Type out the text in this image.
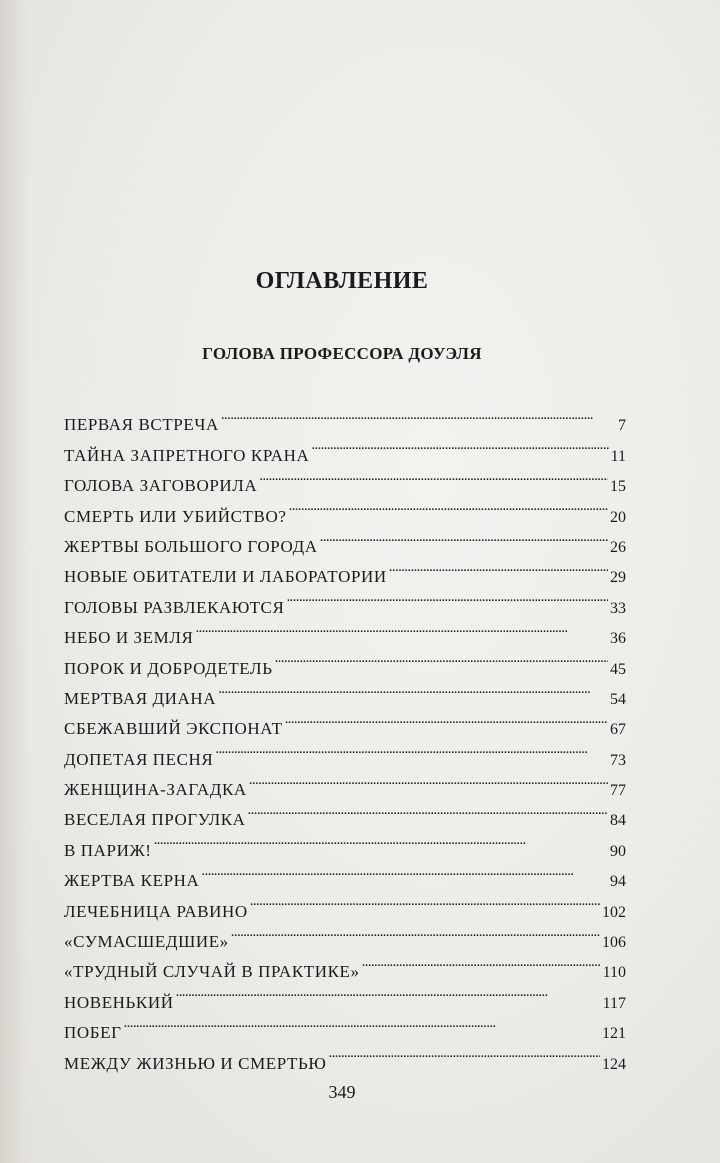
ОГЛАВЛЕНИЕ
ГОЛОВА ПРОФЕССОРА ДОУЭЛЯ
ПЕРВАЯ ВСТРЕЧА . . .	7
ТАЙНА ЗАПРЕТНОГО КРАНА . . .	11
ГОЛОВА ЗАГОВОРИЛА . . .	15
СМЕРТЬ ИЛИ УБИЙСТВО? . . .	20
ЖЕРТВЫ БОЛЬШОГО ГОРОДА . . .	26
НОВЫЕ ОБИТАТЕЛИ И ЛАБОРАТОРИИ . . .	29
ГОЛОВЫ РАЗВЛЕКАЮТСЯ . . .	33
НЕБО И ЗЕМЛЯ . . .	36
ПОРОК И ДОБРОДЕТЕЛЬ . . .	45
МЕРТВАЯ ДИАНА . . .	54
СБЕЖАВШИЙ ЭКСПОНАТ . . .	67
ДОПЕТАЯ ПЕСНЯ . . .	73
ЖЕНЩИНА-ЗАГАДКА . . .	77
ВЕСЕЛАЯ ПРОГУЛКА . . .	84
В ПАРИЖ! . . .	90
ЖЕРТВА КЕРНА . . .	94
ЛЕЧЕБНИЦА РАВИНО . . .	102
«СУМАСШЕДШИЕ» . . .	106
«ТРУДНЫЙ СЛУЧАЙ В ПРАКТИКЕ» . . .	110
НОВЕНЬКИЙ . . .	117
ПОБЕГ . . .	121
МЕЖДУ ЖИЗНЬЮ И СМЕРТЬЮ . . .	124
349
